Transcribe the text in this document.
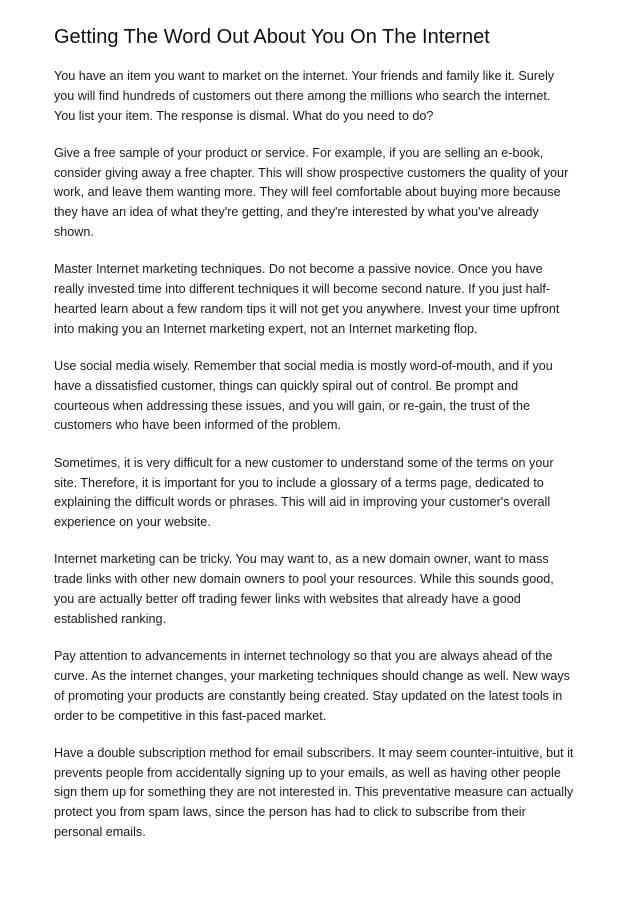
Getting The Word Out About You On The Internet

You have an item you want to market on the internet. Your friends and family like it. Surely
you will find hundreds of customers out there among the millions who search the internet.
You list your item. The response is dismal. What do you need to do?

Give a free sample of your product or service. For example, if you are selling an e-book,
consider giving away a free chapter. This will show prospective customers the quality of your
work, and leave them wanting more. They will feel comfortable about buying more because
they have an idea of what they're getting, and they're interested by what you've already
shown.

Master Internet marketing techniques. Do not become a passive novice. Once you have
really invested time into different techniques it will become second nature. If you just half-
hearted learn about a few random tips it will not get you anywhere. Invest your time upfront
into making you an Internet marketing expert, not an Internet marketing flop.

Use social media wisely. Remember that social media is mostly word-of-mouth, and if you
have a dissatisfied customer, things can quickly spiral out of control. Be prompt and
courteous when addressing these issues, and you will gain, or re-gain, the trust of the
customers who have been informed of the problem.

Sometimes, it is very difficult for a new customer to understand some of the terms on your
site. Therefore, it is important for you to include a glossary of a terms page, dedicated to
explaining the difficult words or phrases. This will aid in improving your customer's overall
experience on your website.

Internet marketing can be tricky. You may want to, as a new domain owner, want to mass
trade links with other new domain owners to pool your resources. While this sounds good,
you are actually better off trading fewer links with websites that already have a good
established ranking.

Pay attention to advancements in internet technology so that you are always ahead of the
curve. As the internet changes, your marketing techniques should change as well. New ways
of promoting your products are constantly being created. Stay updated on the latest tools in
order to be competitive in this fast-paced market.

Have a double subscription method for email subscribers. It may seem counter-intuitive, but it
prevents people from accidentally signing up to your emails, as well as having other people
sign them up for something they are not interested in. This preventative measure can actually
protect you from spam laws, since the person has had to click to subscribe from their
personal emails.
